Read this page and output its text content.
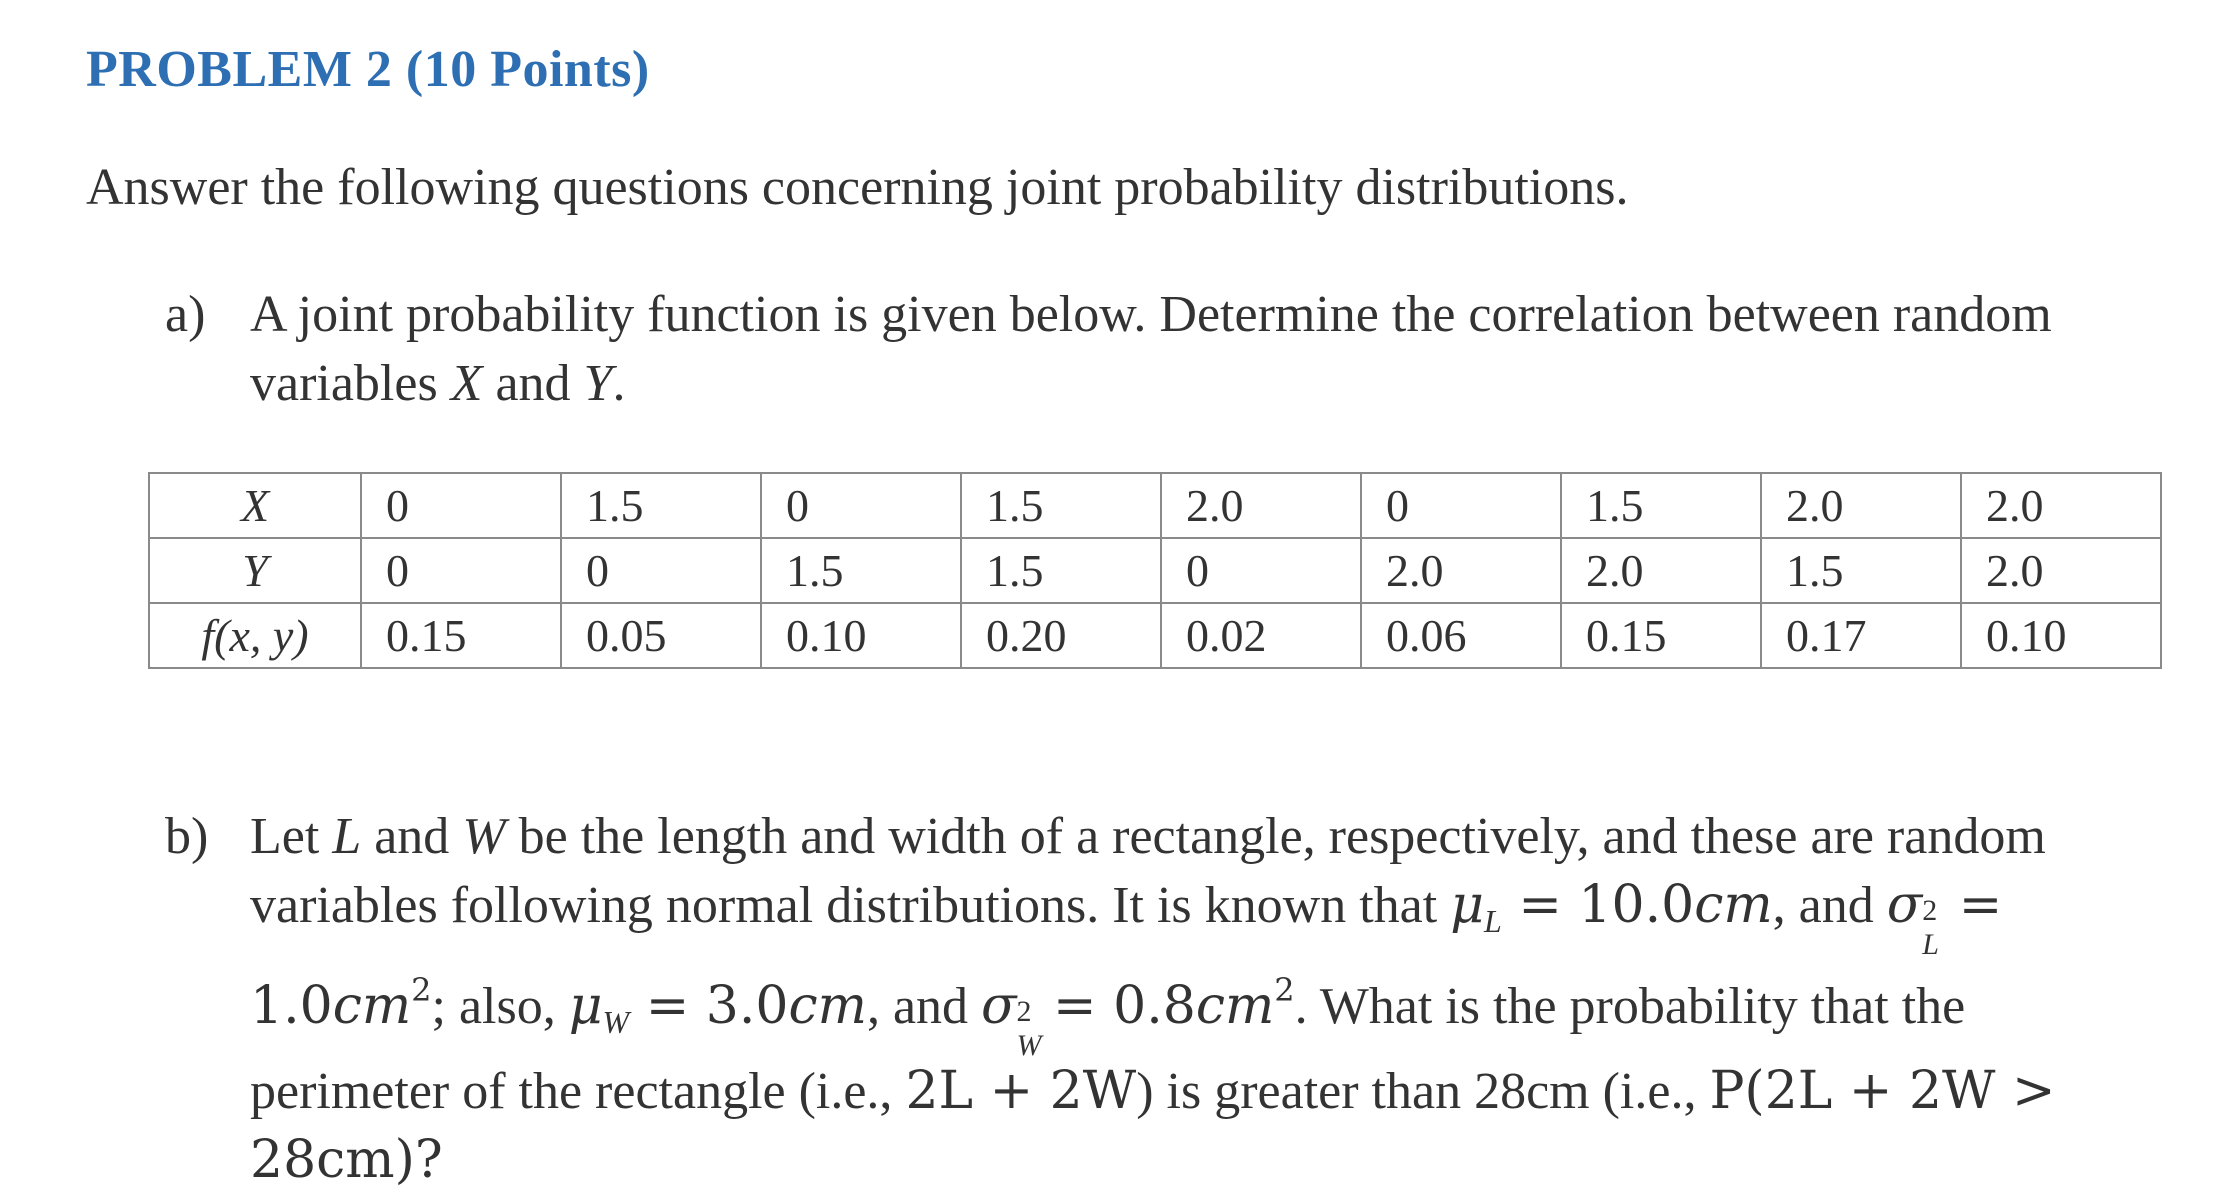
PROBLEM 2 (10 Points)
Answer the following questions concerning joint probability distributions.
a) A joint probability function is given below. Determine the correlation between random
variables X and Y.
X	0	1.5	0	1.5	2.0	0	1.5	2.0	2.0
Y	0	0	1.5	1.5	0	2.0	2.0	1.5	2.0
f(x, y)	0.15	0.05	0.10	0.20	0.02	0.06	0.15	0.17	0.10
b) Let L and W be the length and width of a rectangle, respectively, and these are random
variables following normal distributions. It is known that $\mu_L = 10.0cm$, and σ 2
L
=
$1.0cm^2$; also, $\mu_W = 3.0cm$, and σ 2
W
= $0.8cm^2$. What is the probability that the
perimeter of the rectangle (i.e., 2L + 2W) is greater than 28cm (i.e., P(2L + 2W >
28cm)?
